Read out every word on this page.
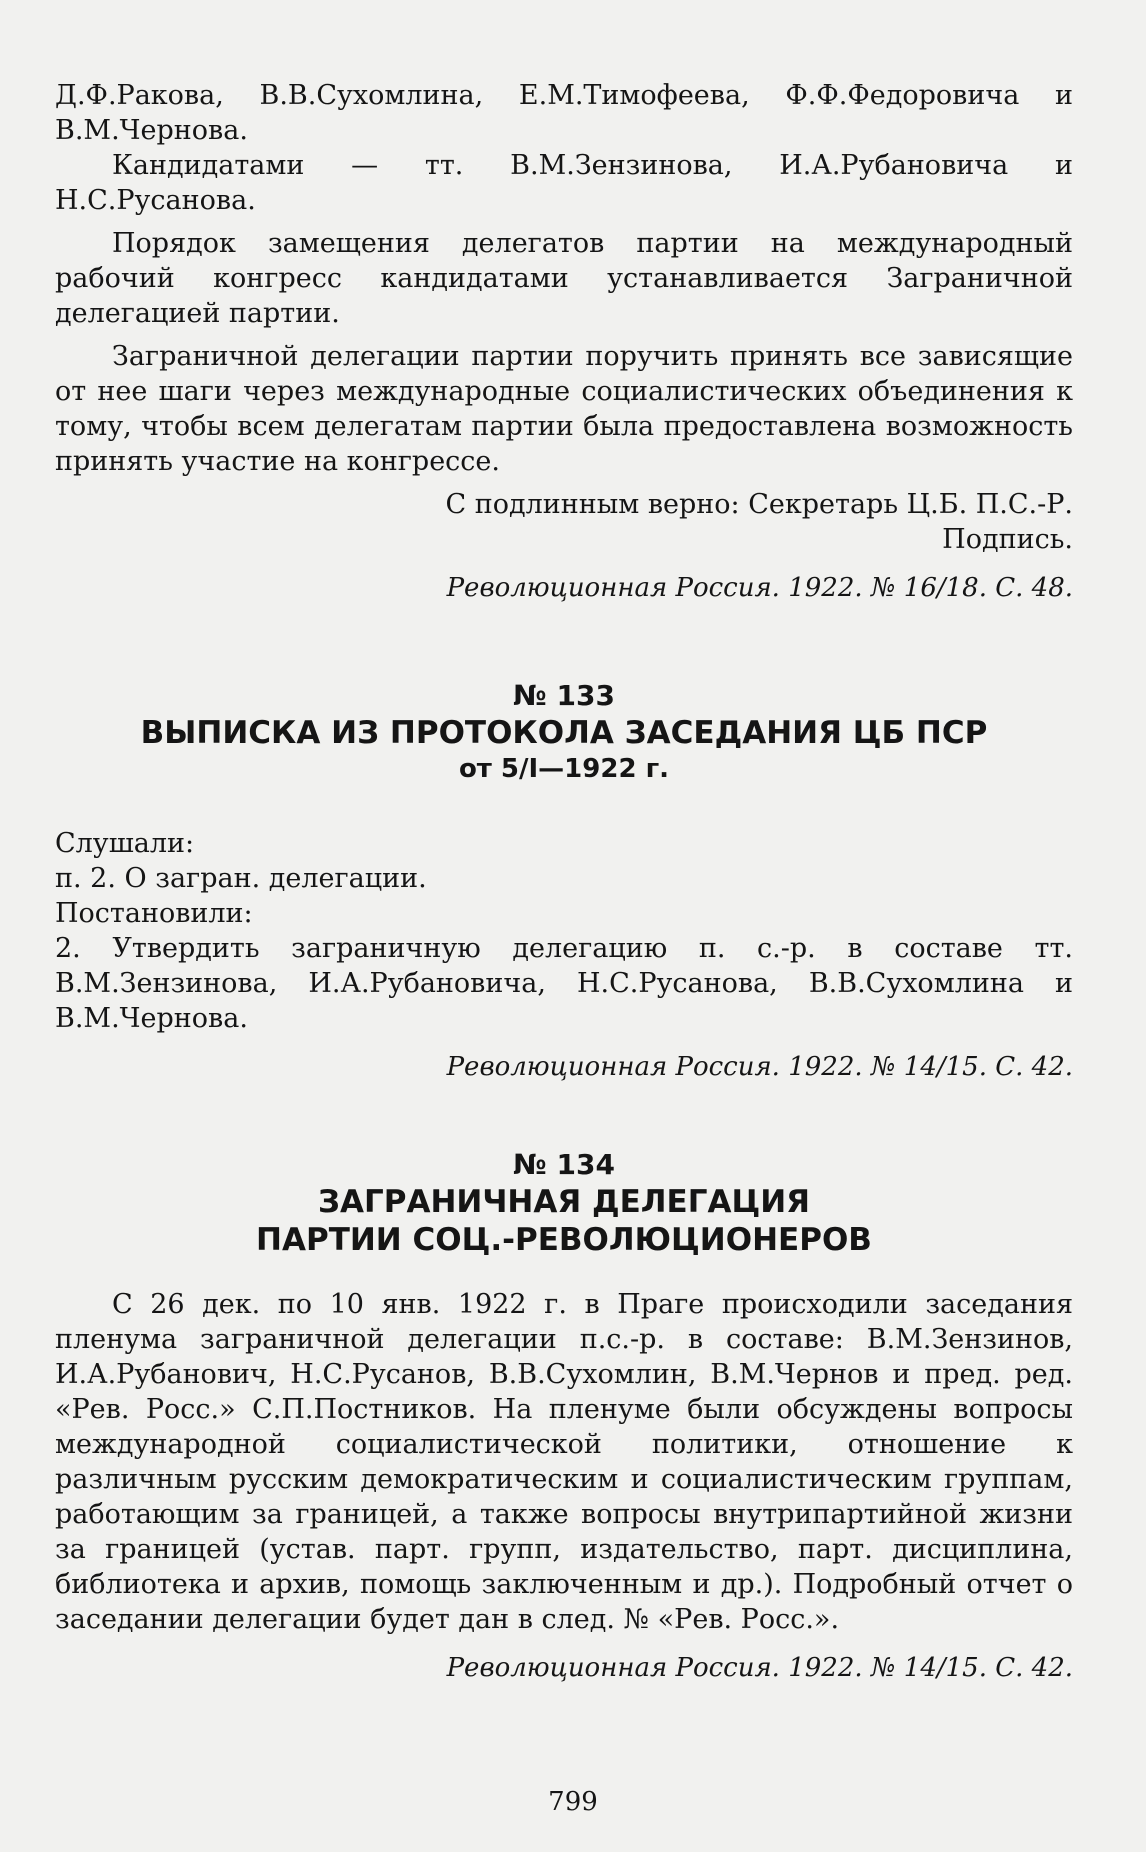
Д.Ф.Ракова, В.В.Сухомлина, Е.М.Тимофеева, Ф.Ф.Федоровича и В.М.Чернова.

Кандидатами — тт. В.М.Зензинова, И.А.Рубановича и Н.С.Русанова.

Порядок замещения делегатов партии на международный рабочий конгресс кандидатами устанавливается Заграничной делегацией партии.

Заграничной делегации партии поручить принять все зависящие от нее шаги через международные социалистических объединения к тому, чтобы всем делегатам партии была предоставлена возможность принять участие на конгрессе.

С подлинным верно: Секретарь Ц.Б. П.С.-Р.

Подпись.

Революционная Россия. 1922. № 16/18. С. 48.

№ 133

ВЫПИСКА ИЗ ПРОТОКОЛА ЗАСЕДАНИЯ ЦБ ПСР

от 5/I—1922 г.

Слушали:

п. 2. О загран. делегации.

Постановили:

2. Утвердить заграничную делегацию п. с.-р. в составе тт. В.М.Зензинова, И.А.Рубановича, Н.С.Русанова, В.В.Сухомлина и В.М.Чернова.

Революционная Россия. 1922. № 14/15. С. 42.

№ 134

ЗАГРАНИЧНАЯ ДЕЛЕГАЦИЯ

ПАРТИИ СОЦ.-РЕВОЛЮЦИОНЕРОВ

С 26 дек. по 10 янв. 1922 г. в Праге происходили заседания пленума заграничной делегации п.с.-р. в составе: В.М.Зензинов, И.А.Рубанович, Н.С.Русанов, В.В.Сухомлин, В.М.Чернов и пред. ред. «Рев. Росс.» С.П.Постников. На пленуме были обсуждены вопросы международной социалистической политики, отношение к различным русским демократическим и социалистическим группам, работающим за границей, а также вопросы внутрипартийной жизни за границей (устав. парт. групп, издательство, парт. дисциплина, библиотека и архив, помощь заключенным и др.). Подробный отчет о заседании делегации будет дан в след. № «Рев. Росс.».

Революционная Россия. 1922. № 14/15. С. 42.

799
